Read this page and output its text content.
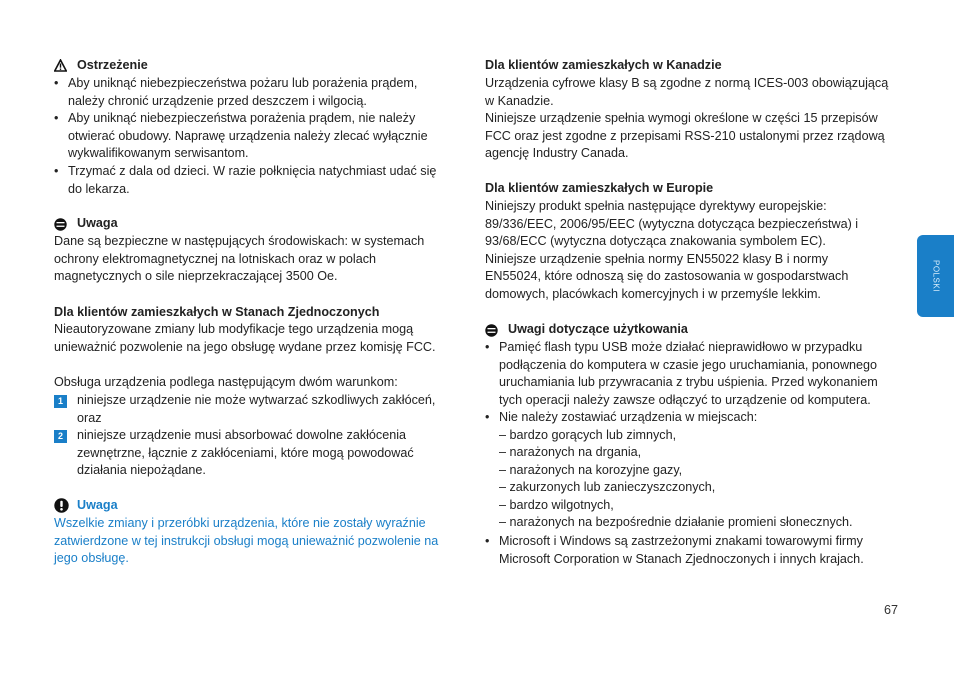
Ostrzeżenie
• Aby uniknąć niebezpieczeństwa pożaru lub porażenia prądem,
należy chronić urządzenie przed deszczem i wilgocią.
• Aby uniknąć niebezpieczeństwa porażenia prądem, nie należy
otwierać obudowy. Naprawę urządzenia należy zlecać wyłącznie
wykwalifikowanym serwisantom.
• Trzymać z dala od dzieci. W razie połknięcia natychmiast udać się
do lekarza.
Uwaga
Dane są bezpieczne w następujących środowiskach: w systemach
ochrony elektromagnetycznej na lotniskach oraz w polach
magnetycznych o sile nieprzekraczającej 3500 Oe.
Dla klientów zamieszkałych w Stanach Zjednoczonych
Nieautoryzowane zmiany lub modyfikacje tego urządzenia mogą
unieważnić pozwolenie na jego obsługę wydane przez komisję FCC.
Obsługa urządzenia podlega następującym dwóm warunkom:
1	niniejsze urządzenie nie może wytwarzać szkodliwych zakłóceń,
oraz
2	niniejsze urządzenie musi absorbować dowolne zakłócenia
zewnętrzne, łącznie z zakłóceniami, które mogą powodować
działania niepożądane.
Uwaga
Wszelkie zmiany i przeróbki urządzenia, które nie zostały wyraźnie
zatwierdzone w tej instrukcji obsługi mogą unieważnić pozwolenie na
jego obsługę.
Dla klientów zamieszkałych w Kanadzie
Urządzenia cyfrowe klasy B są zgodne z normą ICES-003 obowiązującą
w Kanadzie.
Niniejsze urządzenie spełnia wymogi określone w części 15 przepisów
FCC oraz jest zgodne z przepisami RSS-210 ustalonymi przez rządową
agencję Industry Canada.
Dla klientów zamieszkałych w Europie
Niniejszy produkt spełnia następujące dyrektywy europejskie:
89/336/EEC, 2006/95/EEC (wytyczna dotycząca bezpieczeństwa) i
93/68/ECC (wytyczna dotycząca znakowania symbolem EC).
Niniejsze urządzenie spełnia normy EN55022 klasy B i normy
EN55024, które odnoszą się do zastosowania w gospodarstwach
domowych, placówkach komercyjnych i w przemyśle lekkim.
Uwagi dotyczące użytkowania
• Pamięć flash typu USB może działać nieprawidłowo w przypadku
podłączenia do komputera w czasie jego uruchamiania, ponownego
uruchamiania lub przywracania z trybu uśpienia. Przed wykonaniem
tych operacji należy zawsze odłączyć to urządzenie od komputera.
• Nie należy zostawiać urządzenia w miejscach:
– bardzo gorących lub zimnych,
– narażonych na drgania,
– narażonych na korozyjne gazy,
– zakurzonych lub zanieczyszczonych,
– bardzo wilgotnych,
– narażonych na bezpośrednie działanie promieni słonecznych.
• Microsoft i Windows są zastrzeżonymi znakami towarowymi firmy
Microsoft Corporation w Stanach Zjednoczonych i innych krajach.
POLSKI
67
